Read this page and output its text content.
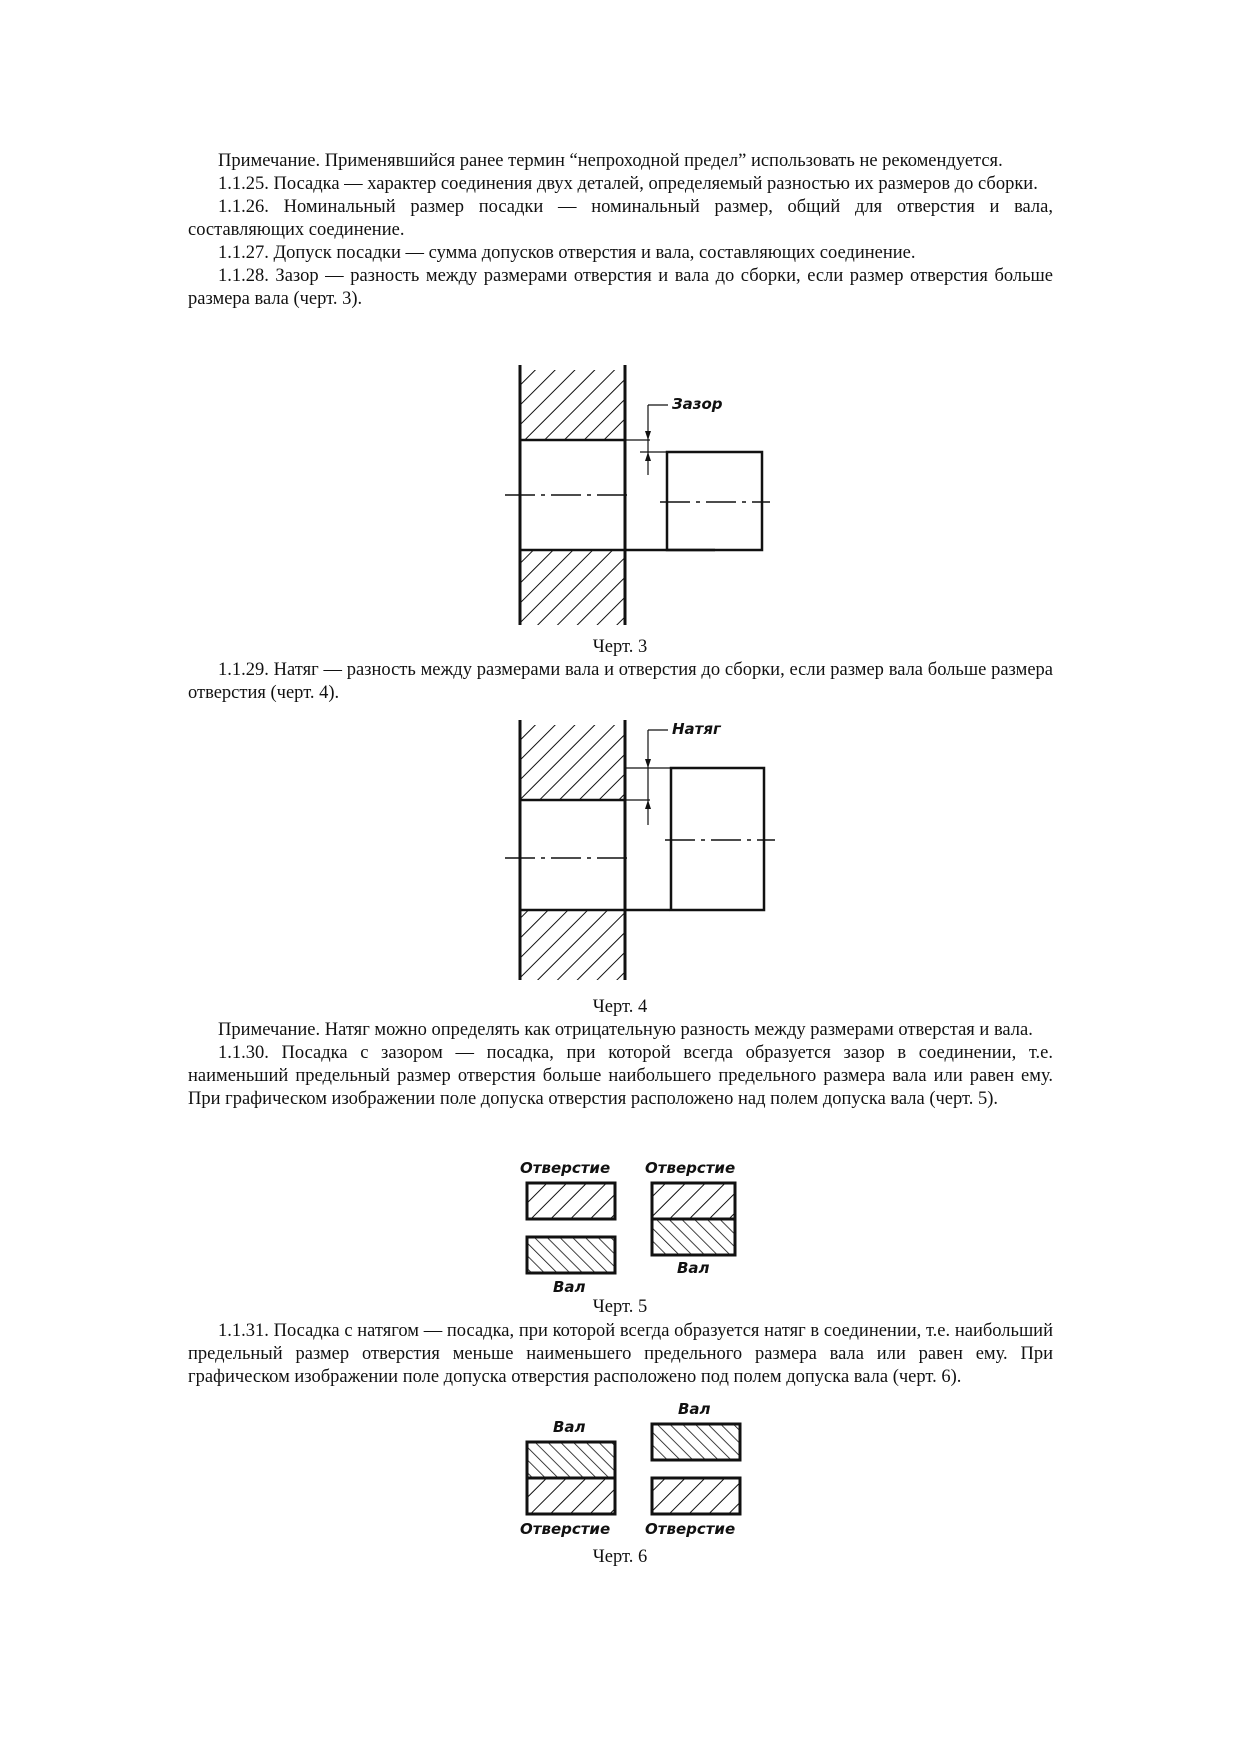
Примечание. Применявшийся ранее термин “непроходной предел” использовать не рекомендуется.

1.1.25. Посадка — характер соединения двух деталей, определяемый разностью их размеров до сборки.

1.1.26. Номинальный размер посадки — номинальный размер, общий для отверстия и вала, составляющих соединение.

1.1.27. Допуск посадки — сумма допусков отверстия и вала, составляющих соединение.

1.1.28. Зазор — разность между размерами отверстия и вала до сборки, если размер отверстия больше размера вала (черт. 3).

Зазор
Черт. 3

1.1.29. Натяг — разность между размерами вала и отверстия до сборки, если размер вала больше размера отверстия (черт. 4).

Натяг
Черт. 4

Примечание. Натяг можно определять как отрицательную разность между размерами отверстая и вала.

1.1.30. Посадка с зазором — посадка, при которой всегда образуется зазор в соединении, т.е. наименьший предельный размер отверстия больше наибольшего предельного размера вала или равен ему. При графическом изображении поле допуска отверстия расположено над полем допуска вала (черт. 5).

Отверстие
Вал
Отверстие
Вал
Черт. 5

1.1.31. Посадка с натягом — посадка, при которой всегда образуется натяг в соединении, т.е. наибольший предельный размер отверстия меньше наименьшего предельного размера вала или равен ему. При графическом изображении поле допуска отверстия расположено под полем допуска вала (черт. 6).

Вал
Отверстие
Вал
Отверстие
Черт. 6
